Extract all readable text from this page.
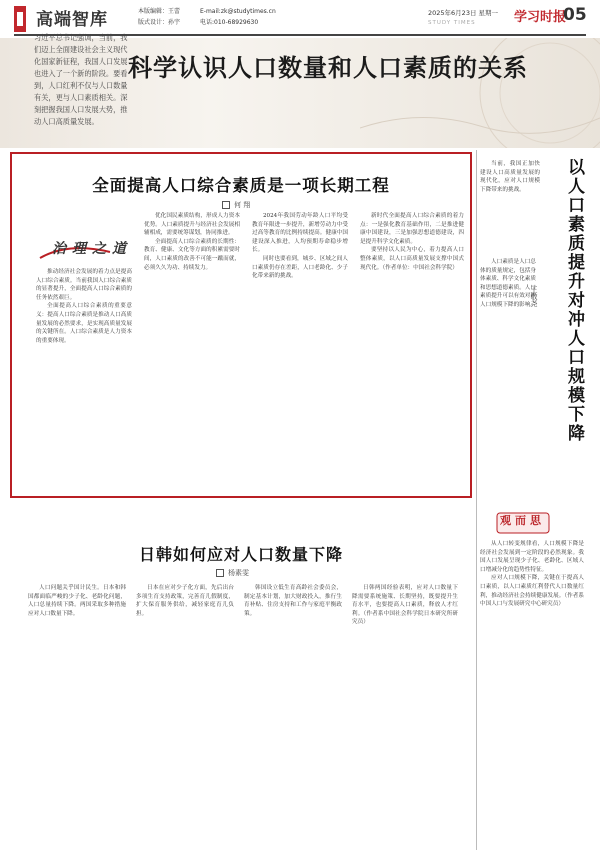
高端智库	本版编辑：王蕾
版式设计：孙宇
E-mail:zk@studytimes.cn
电话:010-68929630
2025年6月23日 星期一
STUDY TIMES	学习时报
05
习近平总书记强调，当前，我们迈上全面建设社会主义现代化国家新征程，我国人口发展也进入了一个新的阶段。要看到，人口红利不仅与人口数量有关，更与人口素质相关。深刻把握我国人口发展大势，推动人口高质量发展。
科学认识人口数量和人口素质的关系
全面提高人口综合素质是一项长期工程
何 翔
治理之道

推动经济社会发展的着力点是提高人口综合素质。当前我国人口综合素质的显著提升，全面提高人口综合素质的任务依然艰巨。

全面提高人口综合素质的重要意义：提高人口综合素质是推动人口高质量发展的必然要求，是实现高质量发展的关键所在。人口综合素质是人力资本的重要体现。

优化国民素质结构，形成人力资本优势。人口素质提升与经济社会发展相辅相成，需要统筹谋划，协同推进。

全面提高人口综合素质的长期性：教育、健康、文化等方面的积累需要时间，人口素质的改善不可能一蹴而就，必须久久为功、持续发力。

2024年我国劳动年龄人口平均受教育年限进一步提升，新增劳动力中受过高等教育的比例持续提高。健康中国建设深入推进，人均预期寿命稳步增长。

同时也要看到，城乡、区域之间人口素质仍存在差距，人口老龄化、少子化带来新的挑战。

新时代全面提高人口综合素质的着力点：一是强化教育基础作用，二是推进健康中国建设，三是加强思想道德建设，四是提升科学文化素质。

要坚持以人民为中心，着力提高人口整体素质，以人口高质量发展支撑中国式现代化。（作者单位：中国社会科学院）	以人口素质提升对冲人口规模下降
王敬尧

当前，我国正加快建设人口高质量发展的现代化，应对人口规模下降带来的挑战。

人口素质是人口总体的质量规定，包括身体素质、科学文化素质和思想道德素质。人口素质提升可以有效对冲人口规模下降的影响。

观而思

从人口转变规律看，人口规模下降是经济社会发展到一定阶段的必然现象。我国人口发展呈现少子化、老龄化、区域人口增减分化的趋势性特征。

应对人口规模下降，关键在于提高人口素质，以人口素质红利替代人口数量红利，推动经济社会持续健康发展。（作者系中国人口与发展研究中心研究员）

日韩如何应对人口数量下降
杨素雯

人口问题关乎国计民生。日本和韩国都面临严峻的少子化、老龄化问题，人口总量持续下降。两国采取多种措施应对人口数量下降。

日本在应对少子化方面，先后出台多项生育支持政策，完善育儿假制度，扩大保育服务供给，减轻家庭育儿负担。

韩国设立低生育高龄社会委员会，制定基本计划，加大财政投入，推行生育补贴、住房支持和工作与家庭平衡政策。

日韩两国经验表明，应对人口数量下降需要系统施策、长期坚持，既要提升生育水平，也要提高人口素质，释放人才红利。（作者系中国社会科学院日本研究所研究员）
